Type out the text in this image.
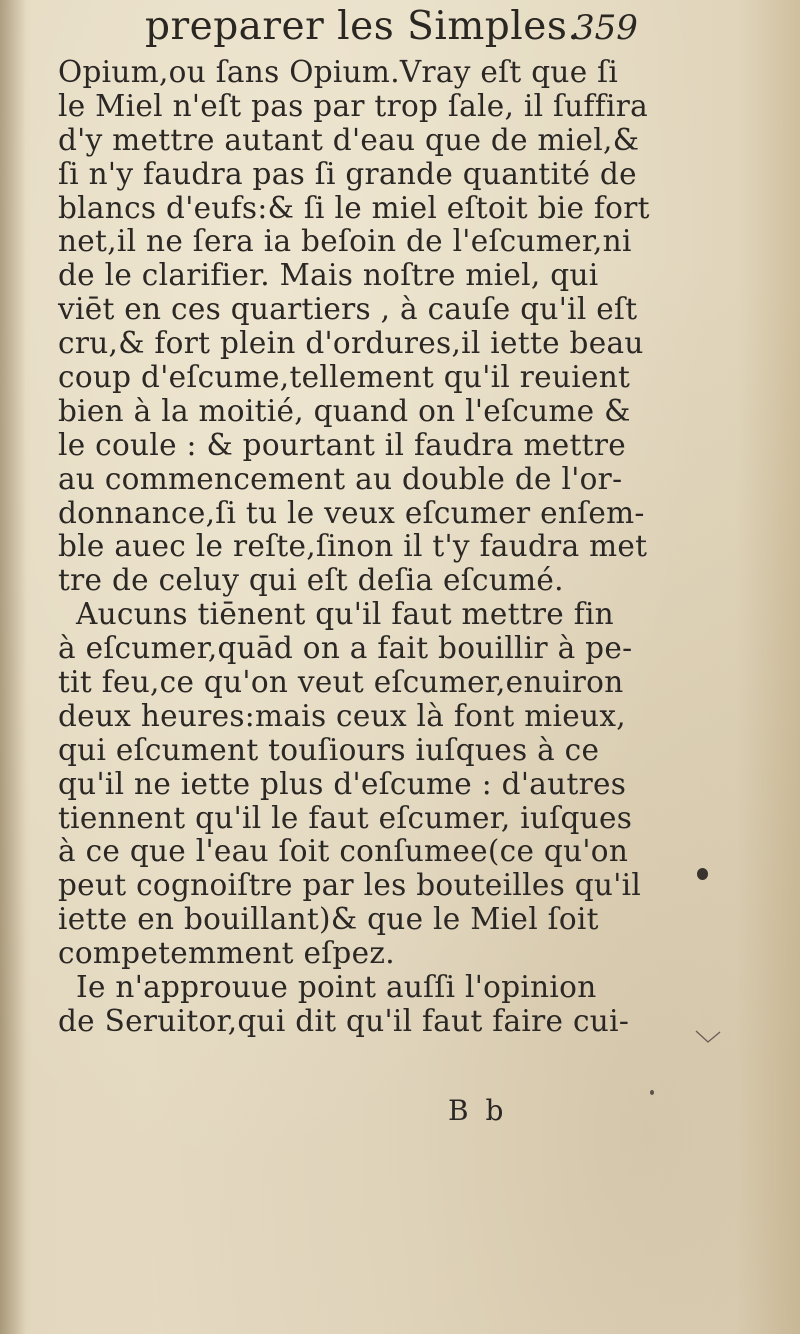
preparer les Simples.
359
Opium,ou ſans Opium.Vray eſt que ſi
le Miel n'eſt pas par trop ſale, il ſuffira
d'y mettre autant d'eau que de miel,&
ſi n'y faudra pas ſi grande quantité de
blancs d'eufs:& ſi le miel eſtoit bie fort
net,il ne ſera ia beſoin de l'eſcumer,ni
de le clarifier. Mais noſtre miel, qui
viēt en ces quartiers , à cauſe qu'il eſt
cru,& fort plein d'ordures,il iette beau
coup d'eſcume,tellement qu'il reuient
bien à la moitié, quand on l'eſcume &
le coule : & pourtant il faudra mettre
au commencement au double de l'or-
donnance,ſi tu le veux eſcumer enſem-
ble auec le reſte,ſinon il t'y faudra met
tre de celuy qui eſt deſia eſcumé.
Aucuns tiēnent qu'il faut mettre fin
à eſcumer,quād on a fait bouillir à pe-
tit feu,ce qu'on veut eſcumer,enuiron
deux heures:mais ceux là font mieux,
qui eſcument touſiours iuſques à ce
qu'il ne iette plus d'eſcume : d'autres
tiennent qu'il le faut eſcumer, iuſques
à ce que l'eau ſoit conſumee(ce qu'on
peut cognoiſtre par les bouteilles qu'il
iette en bouillant)& que le Miel ſoit
competemment eſpez.
Ie n'approuue point auſſi l'opinion
de Seruitor,qui dit qu'il faut faire cui-
B b
